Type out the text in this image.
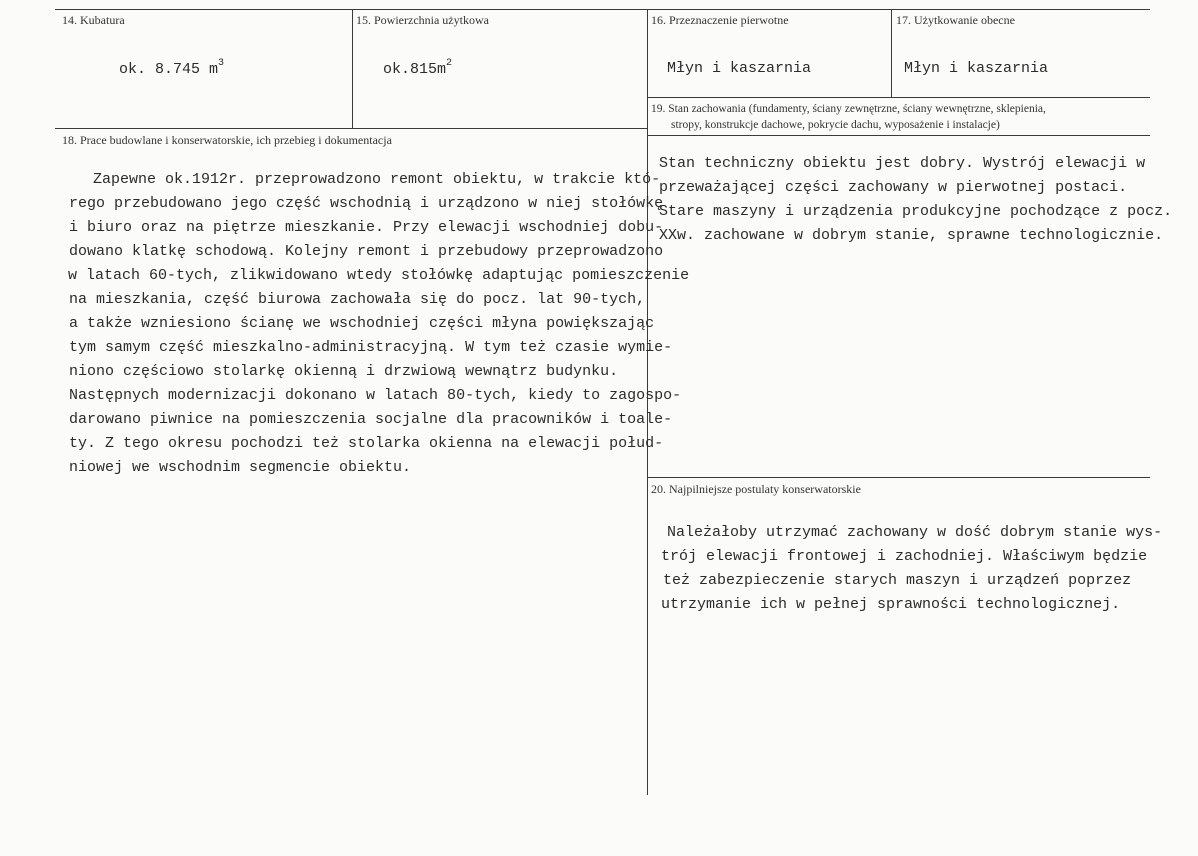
14. Kubatura
ok. 8.745 $m^3$
15. Powierzchnia użytkowa
$ok.815m^2$
16. Przeznaczenie pierwotne
Młyn i kaszarnia
17. Użytkowanie obecne
Młyn i kaszarnia
18. Prace budowlane i konserwatorskie, ich przebieg i dokumentacja
Zapewne ok.1912r. przeprowadzono remont obiektu, w trakcie któ-
rego przebudowano jego część wschodnią i urządzono w niej stołówkę
i biuro oraz na piętrze mieszkanie. Przy elewacji wschodniej dobu-
dowano klatkę schodową. Kolejny remont i przebudowy przeprowadzono
w latach 60-tych, zlikwidowano wtedy stołówkę adaptując pomieszczenie
na mieszkania, część biurowa zachowała się do pocz. lat 90-tych,
a także wzniesiono ścianę we wschodniej części młyna powiększając
tym samym część mieszkalno-administracyjną. W tym też czasie wymie-
niono częściowo stolarkę okienną i drzwiową wewnątrz budynku.
Następnych modernizacji dokonano w latach 80-tych, kiedy to zagospo-
darowano piwnice na pomieszczenia socjalne dla pracowników i toale-
ty. Z tego okresu pochodzi też stolarka okienna na elewacji połud-
niowej we wschodnim segmencie obiektu.
19. Stan zachowania (fundamenty, ściany zewnętrzne, ściany wewnętrzne, sklepienia,
stropy, konstrukcje dachowe, pokrycie dachu, wyposażenie i instalacje)
Stan techniczny obiektu jest dobry. Wystrój elewacji w
przeważającej części zachowany w pierwotnej postaci.
Stare maszyny i urządzenia produkcyjne pochodzące z pocz.
XXw. zachowane w dobrym stanie, sprawne technologicznie.
20. Najpilniejsze postulaty konserwatorskie
Należałoby utrzymać zachowany w dość dobrym stanie wys-
trój elewacji frontowej i zachodniej. Właściwym będzie
też zabezpieczenie starych maszyn i urządzeń poprzez
utrzymanie ich w pełnej sprawności technologicznej.
